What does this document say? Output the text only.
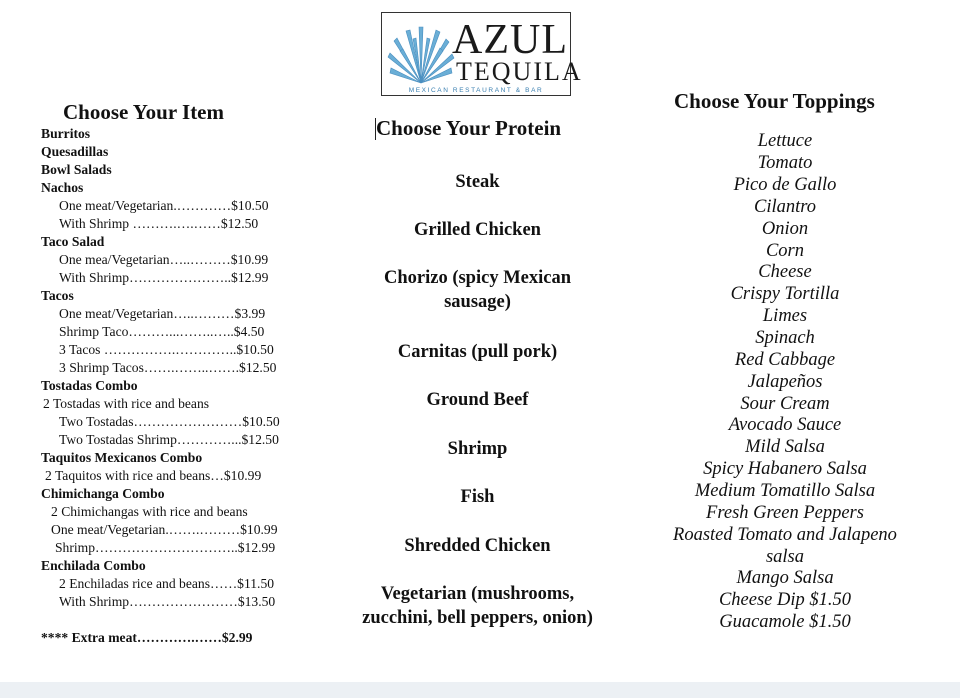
AZUL
TEQUILA
MEXICAN RESTAURANT & BAR
Choose Your Item
Burritos
Quesadillas
Bowl Salads
Nachos
One meat/Vegetarian.…………$10.50
With Shrimp ……….….……$12.50
Taco Salad
One mea/Vegetarian…..………$10.99
With Shrimp…………………..$12.99
Tacos
One meat/Vegetarian…..………$3.99
Shrimp Taco………...……..…..$4.50
3 Tacos …………….…………..$10.50
3 Shrimp Tacos…….……..…….$12.50
Tostadas Combo
2 Tostadas with rice and beans
Two Tostadas……………………$10.50
Two Tostadas Shrimp…………...$12.50
Taquitos Mexicanos Combo
2 Taquitos with rice and beans…$10.99
Chimichanga Combo
2 Chimichangas with rice and beans
One meat/Vegetarian.…….………$10.99
Shrimp…………………………..$12.99
Enchilada Combo
2 Enchiladas rice and beans……$11.50
With Shrimp……………………$13.50
**** Extra meat………….……$2.99
Choose Your Protein
Steak
Grilled Chicken
Chorizo (spicy Mexican
sausage)
Carnitas (pull pork)
Ground Beef
Shrimp
Fish
Shredded Chicken
Vegetarian (mushrooms,
zucchini, bell peppers, onion)
Choose Your Toppings
Lettuce
Tomato
Pico de Gallo
Cilantro
Onion
Corn
Cheese
Crispy Tortilla
Limes
Spinach
Red Cabbage
Jalapeños
Sour Cream
Avocado Sauce
Mild Salsa
Spicy Habanero Salsa
Medium Tomatillo Salsa
Fresh Green Peppers
Roasted Tomato and Jalapeno
salsa
Mango Salsa
Cheese Dip $1.50
Guacamole $1.50
